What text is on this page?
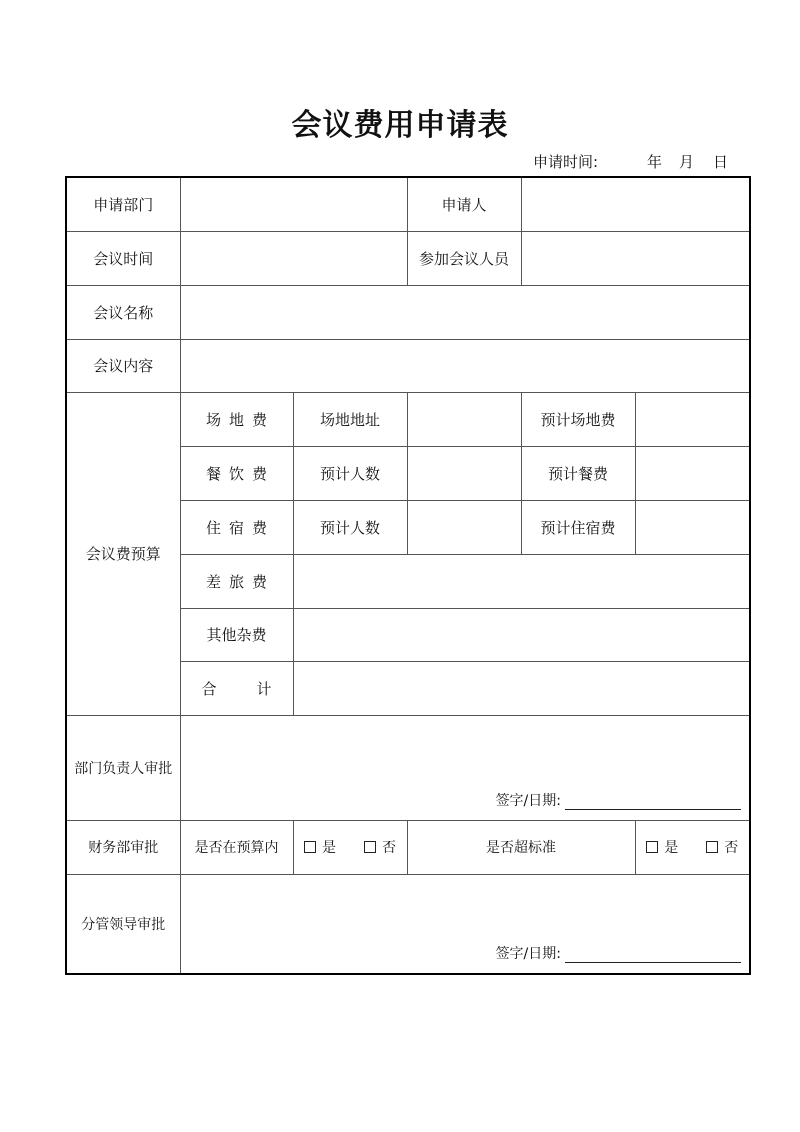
会议费用申请表
申请时间:	年 月 日
申请部门			申请人		
会议时间			参加会议人员		
会议名称					
会议内容					
会议费预算	场地费	场地地址		预计场地费	
	餐饮费	预计人数		预计餐费	
	住宿费	预计人数		预计住宿费	
	差旅费				
	其他杂费				
	合 计				
部门负责人审批	签字/日期:				

财务部审批	是否在预算内	是 否	是否超标准		是 否

分管领导审批	签字/日期:				
